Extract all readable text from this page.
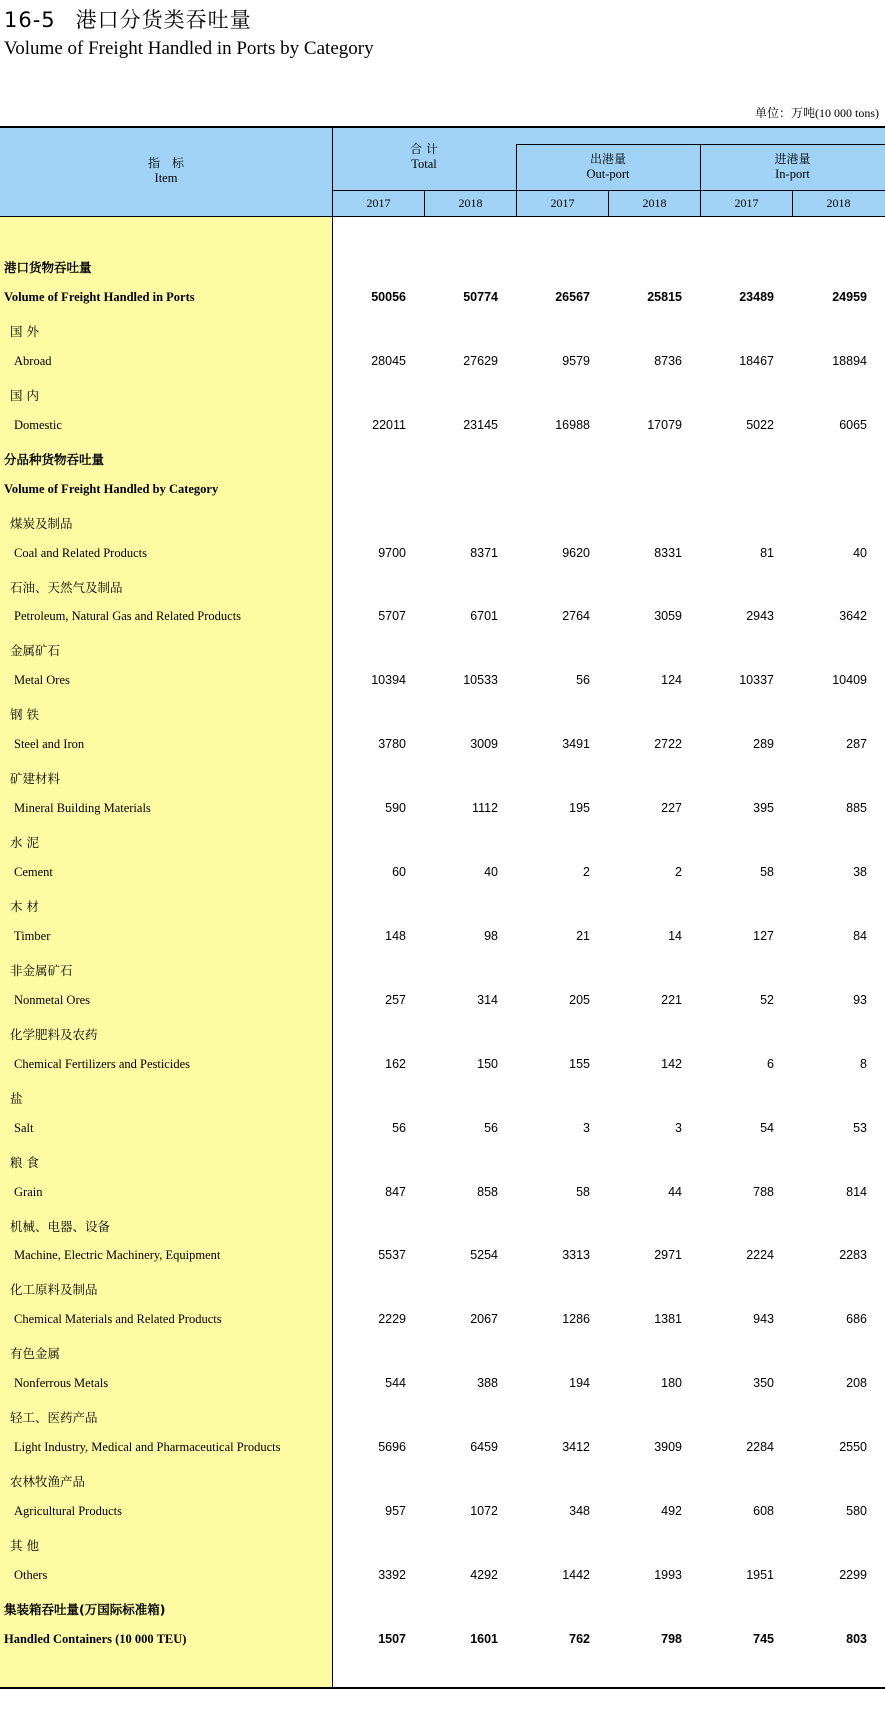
16-5 港口分货类吞吐量
Volume of Freight Handled in Ports by Category
单位：万吨(10 000 tons)
指　标
Item
合 计
Total	出港量
Out-port
进港量
In-port
2017	2018	2017	2018	2017	2018
港口货物吞吐量
Volume of Freight Handled in Ports	50056	50774	26567	25815	23489	24959
国 外
Abroad	28045	27629	9579	8736	18467	18894
国 内
Domestic	22011	23145	16988	17079	5022	6065
分品种货物吞吐量
Volume of Freight Handled by Category
煤炭及制品
Coal and Related Products	9700	8371	9620	8331	81	40
石油、天然气及制品
Petroleum, Natural Gas and Related Products	5707	6701	2764	3059	2943	3642
金属矿石
Metal Ores	10394	10533	56	124	10337	10409
钢 铁
Steel and Iron	3780	3009	3491	2722	289	287
矿建材料
Mineral Building Materials	590	1112	195	227	395	885
水 泥
Cement	60	40	2	2	58	38
木 材
Timber	148	98	21	14	127	84
非金属矿石
Nonmetal Ores	257	314	205	221	52	93
化学肥料及农药
Chemical Fertilizers and Pesticides	162	150	155	142	6	8
盐
Salt	56	56	3	3	54	53
粮 食
Grain	847	858	58	44	788	814
机械、电器、设备
Machine, Electric Machinery, Equipment	5537	5254	3313	2971	2224	2283
化工原料及制品
Chemical Materials and Related Products	2229	2067	1286	1381	943	686
有色金属
Nonferrous Metals	544	388	194	180	350	208
轻工、医药产品
Light Industry, Medical and Pharmaceutical Products	5696	6459	3412	3909	2284	2550
农林牧渔产品
Agricultural Products	957	1072	348	492	608	580
其 他
Others	3392	4292	1442	1993	1951	2299
集装箱吞吐量(万国际标准箱)
Handled Containers (10 000 TEU)	1507	1601	762	798	745	803
